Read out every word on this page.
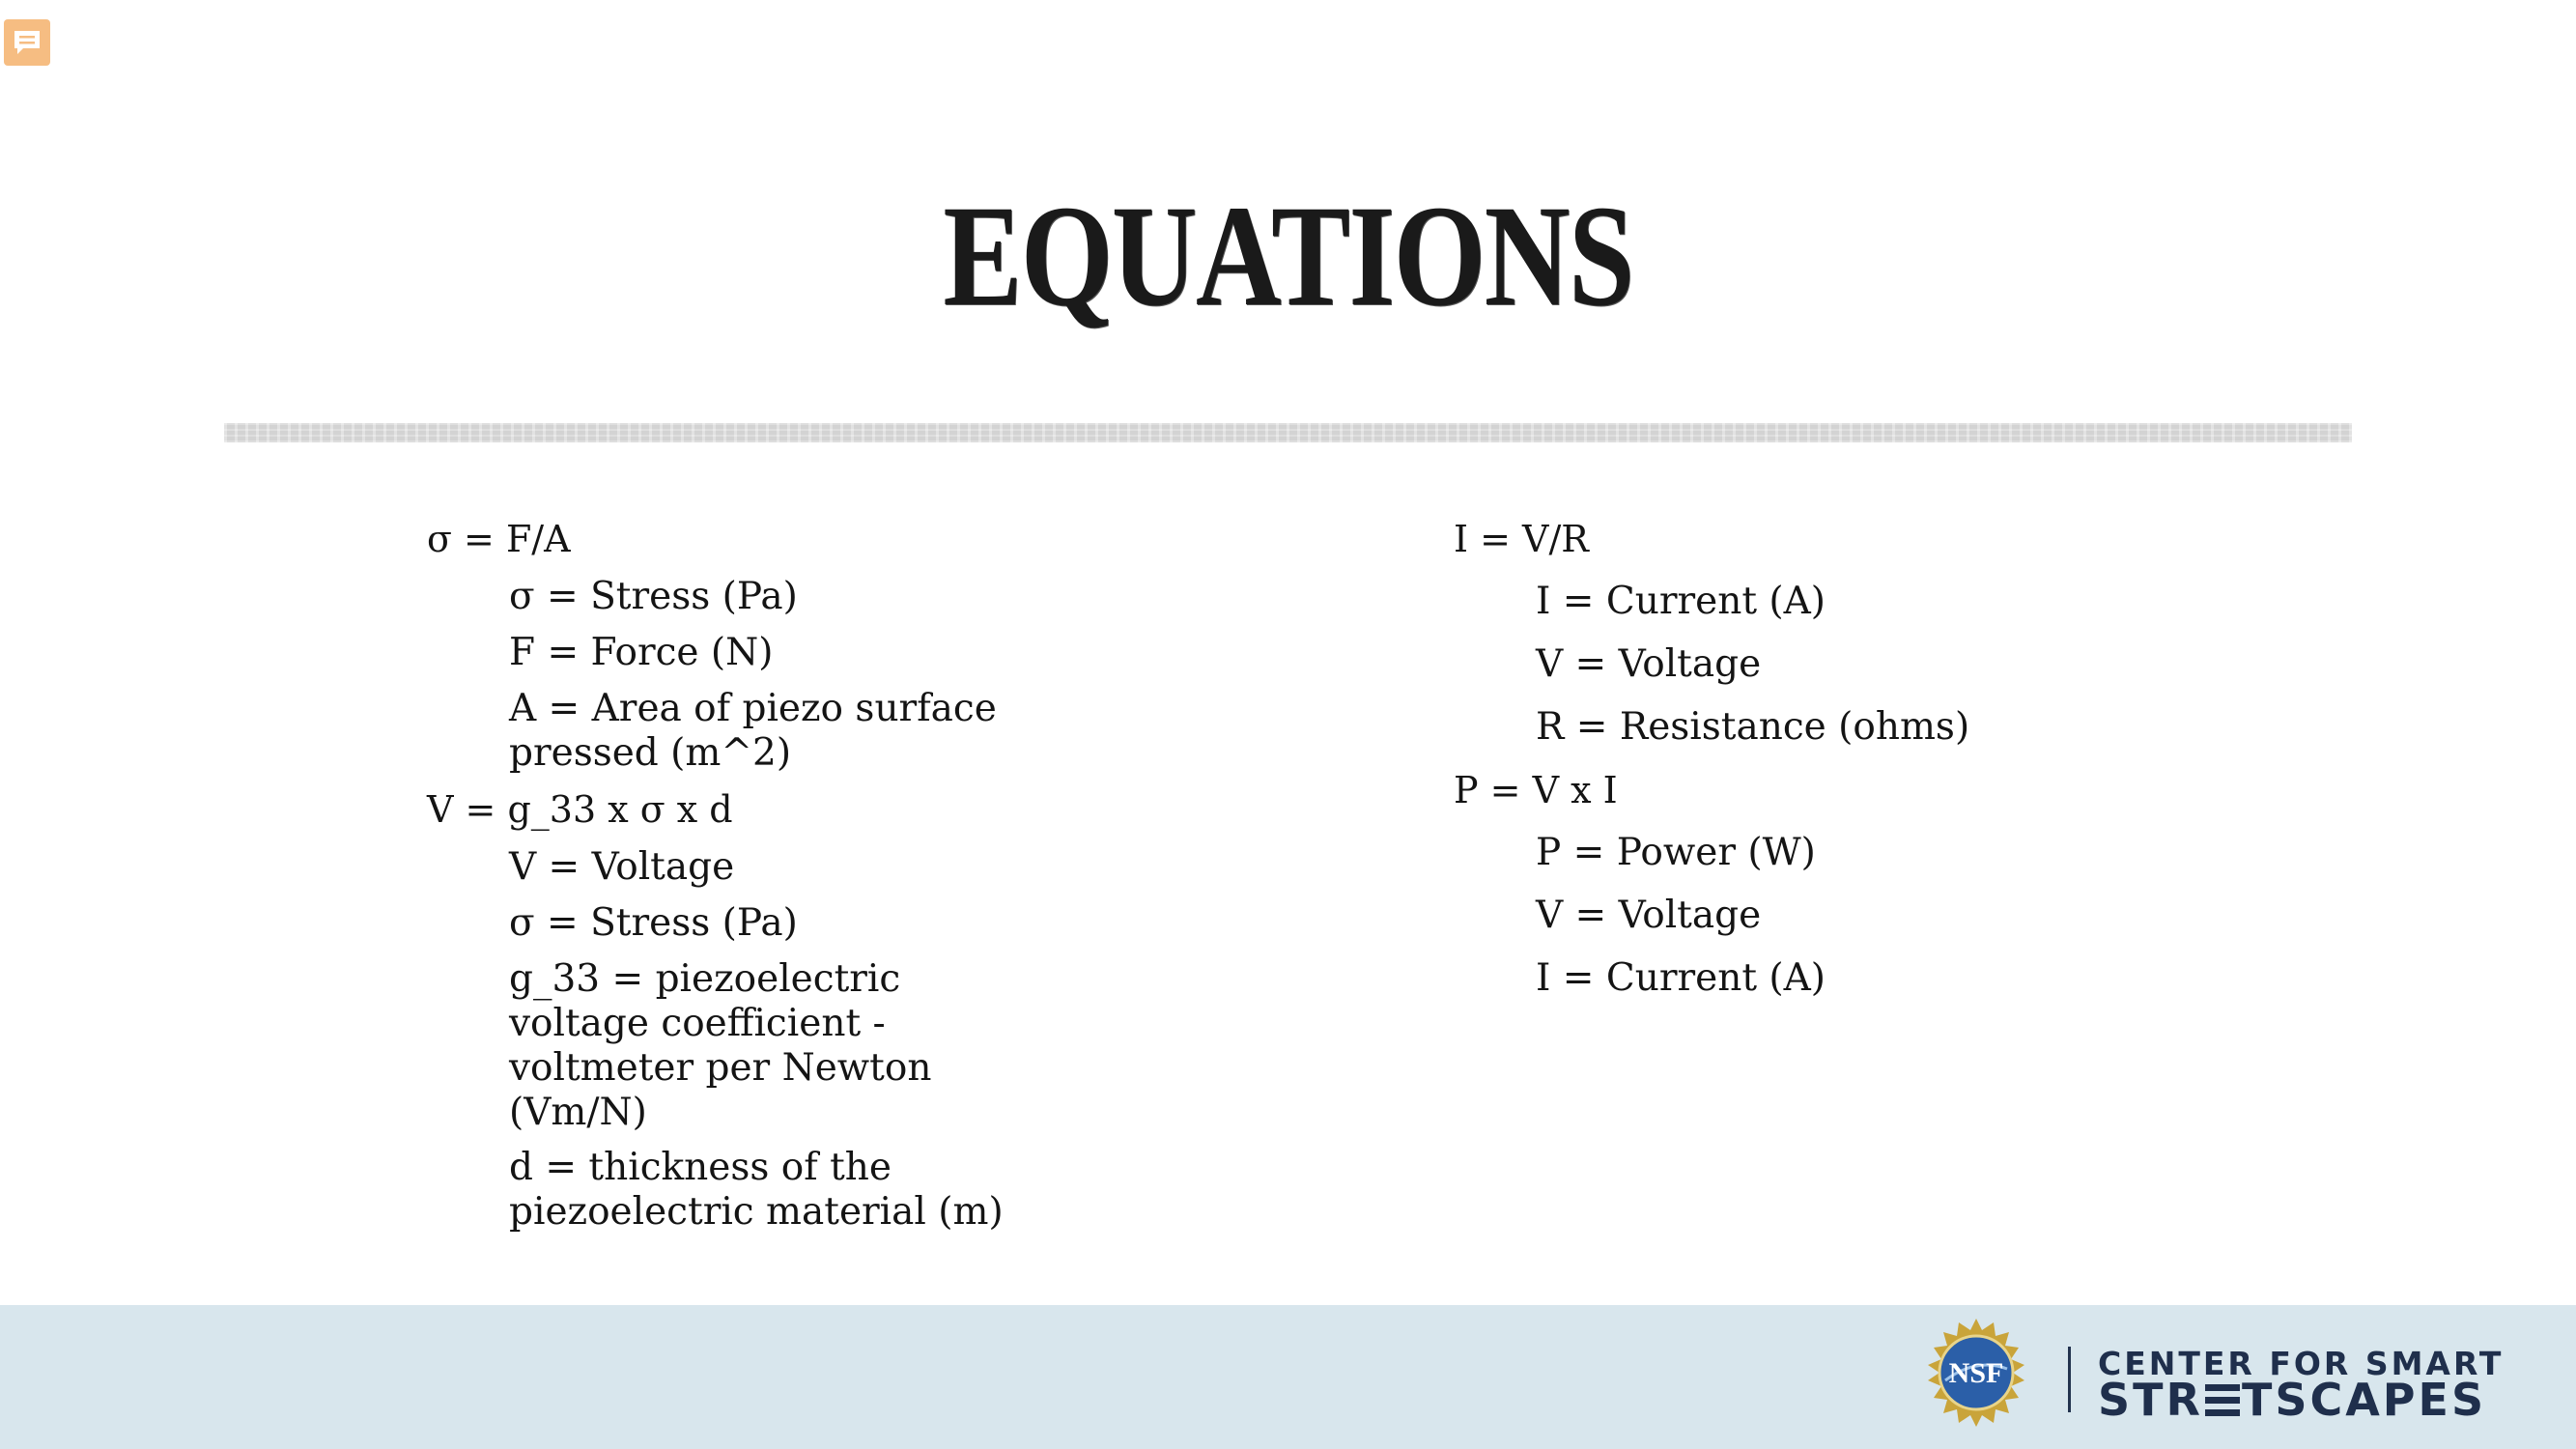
EQUATIONS
σ = F/A
σ = Stress (Pa)
F = Force (N)
A = Area of piezo surface
pressed (m^2)
V = g_33 x σ x d
V = Voltage
σ = Stress (Pa)
g_33 = piezoelectric
voltage coefficient -
voltmeter per Newton
(Vm/N)
d = thickness of the
piezoelectric material (m)
I = V/R
I = Current (A)
V = Voltage
R = Resistance (ohms)
P = V x I
P = Power (W)
V = Voltage
I = Current (A)
NSF	CENTER FOR SMART
STR TSCAPES
